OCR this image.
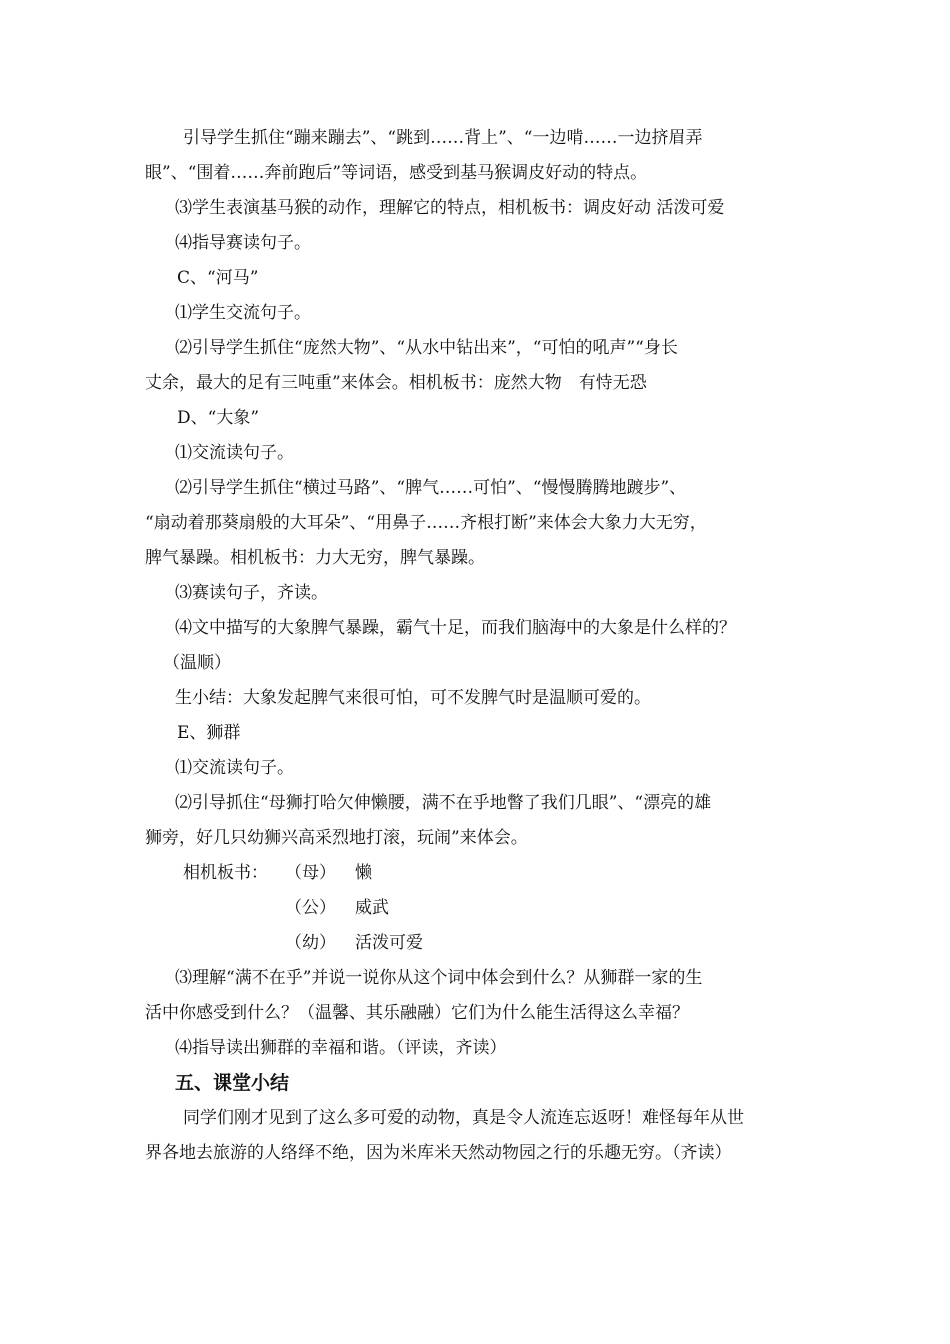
引导学生抓住“蹦来蹦去”、“跳到……背上”、“一边啃……一边挤眉弄
眼”、“围着……奔前跑后”等词语，感受到基马猴调皮好动的特点。
⑶学生表演基马猴的动作，理解它的特点，相机板书：调皮好动 活泼可爱
⑷指导赛读句子。
C、“河马”
⑴学生交流句子。
⑵引导学生抓住“庞然大物”、“从水中钻出来”，“可怕的吼声”“身长
丈余，最大的足有三吨重”来体会。相机板书：庞然大物　有恃无恐
D、“大象”
⑴交流读句子。
⑵引导学生抓住“横过马路”、“脾气……可怕”、“慢慢腾腾地踱步”、
“扇动着那葵扇般的大耳朵”、“用鼻子……齐根打断”来体会大象力大无穷，
脾气暴躁。相机板书：力大无穷，脾气暴躁。
⑶赛读句子，齐读。
⑷文中描写的大象脾气暴躁，霸气十足，而我们脑海中的大象是什么样的？
（温顺）
生小结：大象发起脾气来很可怕，可不发脾气时是温顺可爱的。
E、狮群
⑴交流读句子。
⑵引导抓住“母狮打哈欠伸懒腰，满不在乎地瞥了我们几眼”、“漂亮的雄
狮旁，好几只幼狮兴高采烈地打滚，玩闹”来体会。
相机板书： （母） 懒
（公） 威武
（幼） 活泼可爱
⑶理解“满不在乎”并说一说你从这个词中体会到什么？从狮群一家的生
活中你感受到什么？（温馨、其乐融融）它们为什么能生活得这么幸福？
⑷指导读出狮群的幸福和谐。（评读，齐读）
五、课堂小结
同学们刚才见到了这么多可爱的动物，真是令人流连忘返呀！难怪每年从世
界各地去旅游的人络绎不绝，因为米库米天然动物园之行的乐趣无穷。（齐读）
